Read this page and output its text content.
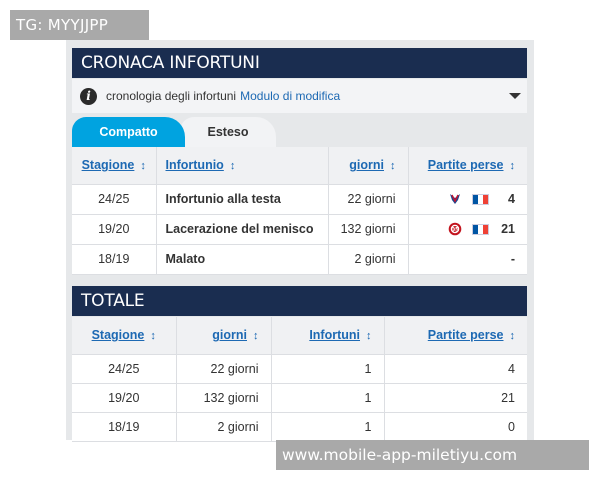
TG: MYYJJPP
CRONACA INFORTUNI
i	cronologia degli infortuni Modulo di modifica
Esteso
Compatto
Stagione ↕	Infortunio ↕	giorni ↕	Partite perse ↕
24/25	Infortunio alla testa	22 giorni	4

19/20	Lacerazione del menisco	132 giorni	05 21

18/19	Malato	2 giorni	-
TOTALE
Stagione ↕	giorni ↕	Infortuni ↕	Partite perse ↕
24/25	22 giorni	1	4
19/20	132 giorni	1	21
18/19	2 giorni	1	0
www.mobile-app-miletiyu.com
